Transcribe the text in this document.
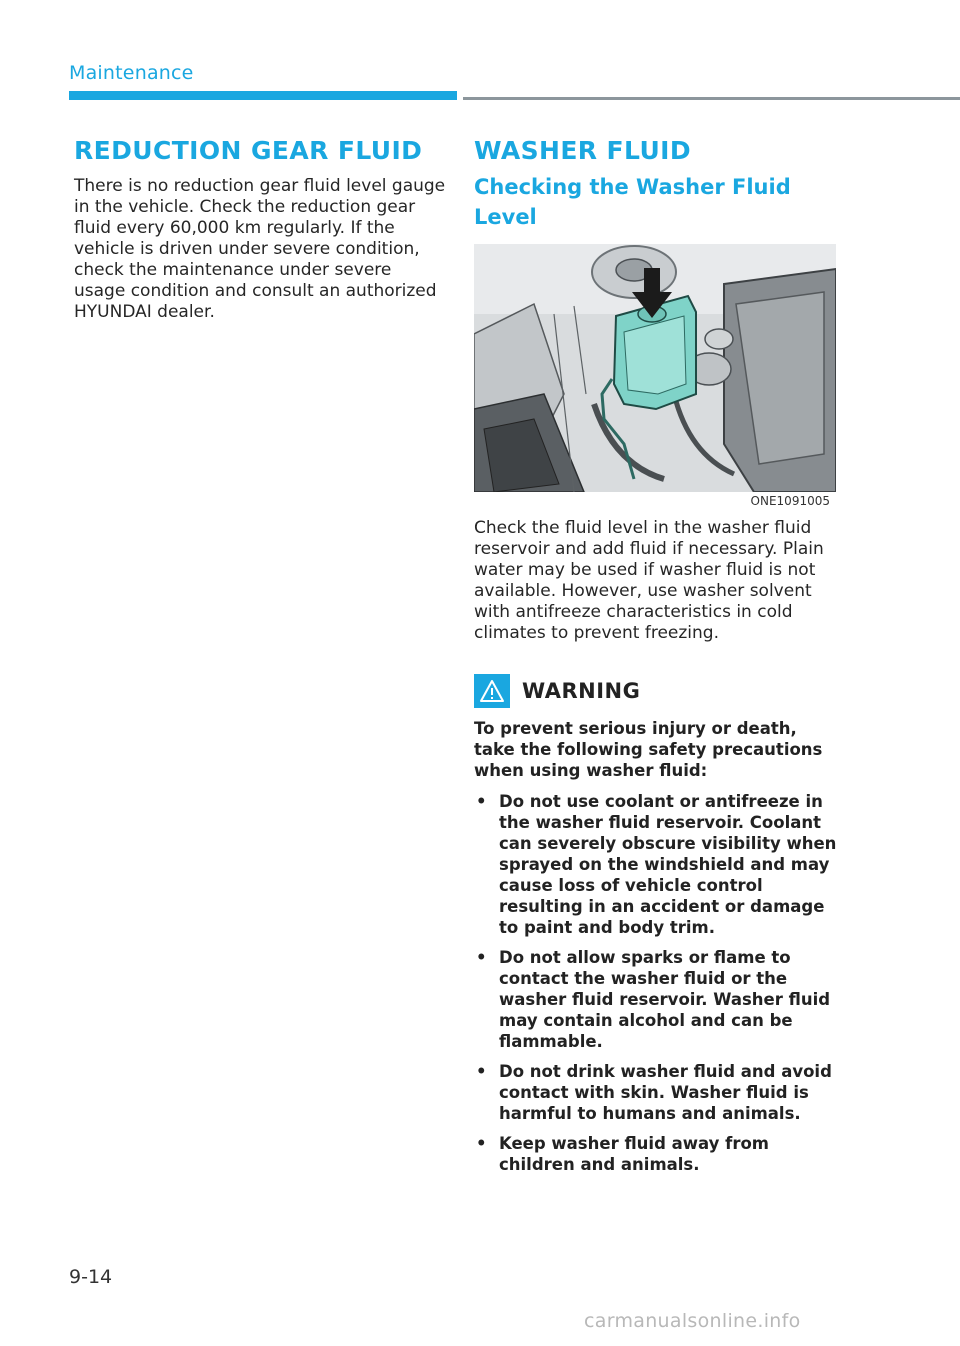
Maintenance
REDUCTION GEAR FLUID

There is no reduction gear fluid level gauge in the vehicle. Check the reduction gear fluid every 60,000 km regularly. If the vehicle is driven under severe condition, check the maintenance under severe usage condition and consult an authorized HYUNDAI dealer.

WASHER FLUID
Checking the Washer Fluid Level
ONE1091005

Check the fluid level in the washer fluid reservoir and add fluid if necessary. Plain water may be used if washer fluid is not available. However, use washer solvent with antifreeze characteristics in cold climates to prevent freezing.

WARNING

To prevent serious injury or death, take the following safety precautions when using washer fluid:

• Do not use coolant or antifreeze in the washer fluid reservoir. Coolant can severely obscure visibility when sprayed on the windshield and may cause loss of vehicle control resulting in an accident or damage to paint and body trim.
• Do not allow sparks or flame to contact the washer fluid or the washer fluid reservoir. Washer fluid may contain alcohol and can be flammable.
• Do not drink washer fluid and avoid contact with skin. Washer fluid is harmful to humans and animals.
• Keep washer fluid away from children and animals.
9-14
carmanualsonline.info
